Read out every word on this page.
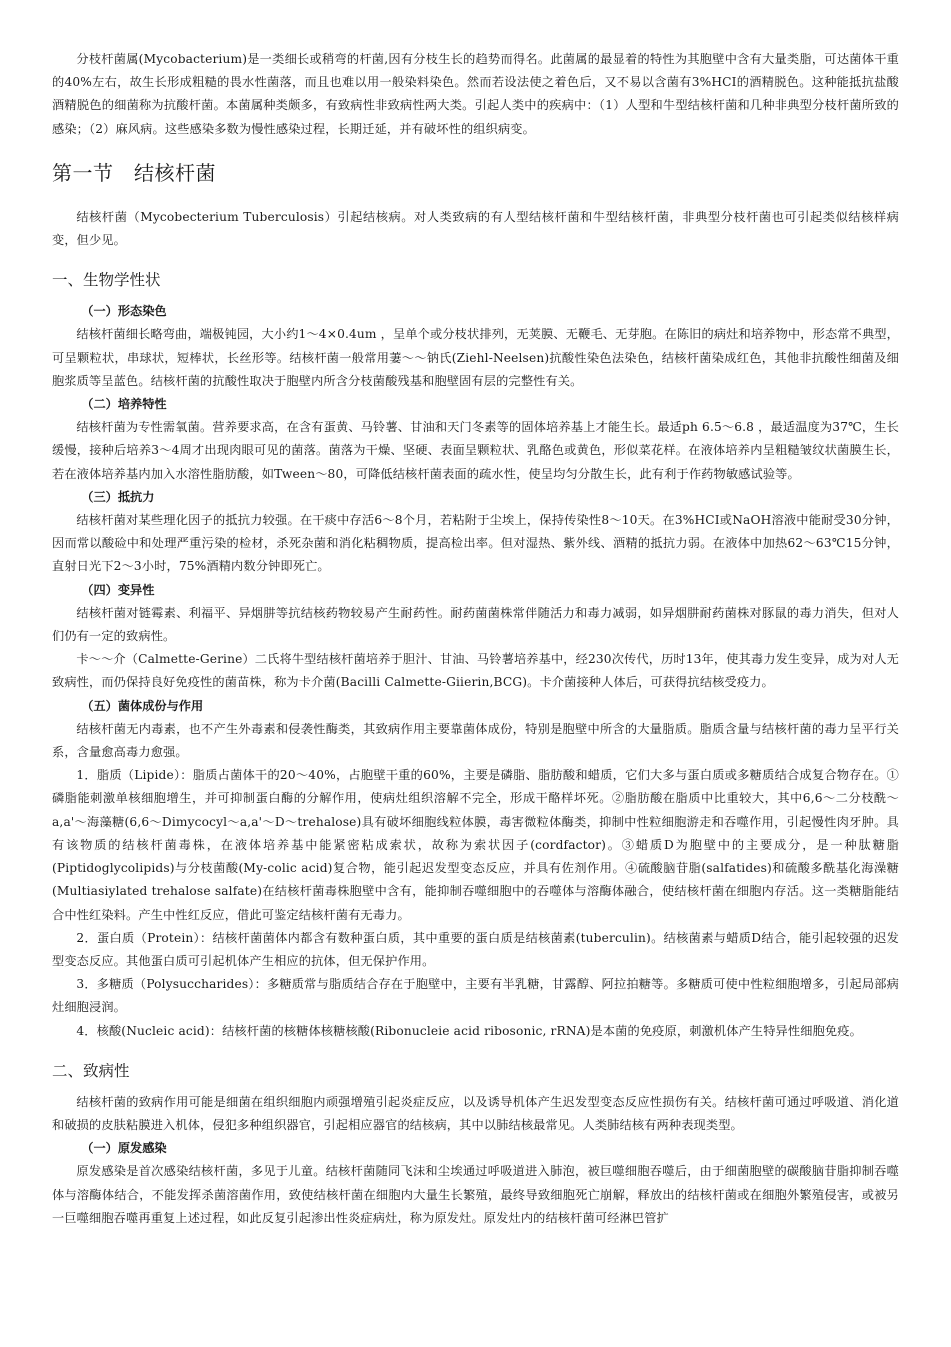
分枝杆菌属(Mycobacterium)是一类细长或稍弯的杆菌,因有分枝生长的趋势而得名。此菌属的最显着的特性为其胞壁中含有大量类脂，可达菌体干重的40%左右，故生长形成粗糙的畏水性菌落，而且也难以用一般染料染色。然而若设法使之着色后，又不易以含菌有3%HCI的酒精脱色。这种能抵抗盐酸酒精脱色的细菌称为抗酸杆菌。本菌属种类颇多，有致病性非致病性两大类。引起人类中的疾病中：（1）人型和牛型结核杆菌和几种非典型分枝杆菌所致的感染；（2）麻风病。这些感染多数为慢性感染过程，长期迁延，并有破坏性的组织病变。

第一节　结核杆菌

结核杆菌（Mycobecterium Tuberculosis）引起结核病。对人类致病的有人型结核杆菌和牛型结核杆菌，非典型分枝杆菌也可引起类似结核样病变，但少见。

一、生物学性状
（一）形态染色

结核杆菌细长略弯曲，端极钝园，大小约1～4×0.4um ，呈单个或分枝状排列，无荚膜、无鞭毛、无芽胞。在陈旧的病灶和培养物中，形态常不典型，可呈颗粒状，串球状，短棒状，长丝形等。结核杆菌一般常用萋～～钠氏(Ziehl-Neelsen)抗酸性染色法染色，结核杆菌染成红色，其他非抗酸性细菌及细胞浆质等呈蓝色。结核杆菌的抗酸性取决于胞壁内所含分枝菌酸残基和胞壁固有层的完整性有关。

（二）培养特性

结核杆菌为专性需氧菌。营养要求高，在含有蛋黄、马铃薯、甘油和天门冬素等的固体培养基上才能生长。最适ph 6.5～6.8 ，最适温度为37℃，生长缓慢，接种后培养3～4周才出现肉眼可见的菌落。菌落为干燥、坚硬、表面呈颗粒状、乳酪色或黄色，形似菜花样。在液体培养内呈粗糙皱纹状菌膜生长，若在液体培养基内加入水溶性脂肪酸，如Tween～80，可降低结核杆菌表面的疏水性，使呈均匀分散生长，此有利于作药物敏感试验等。

（三）抵抗力

结核杆菌对某些理化因子的抵抗力较强。在干痰中存活6～8个月，若粘附于尘埃上，保持传染性8～10天。在3%HCI或NaOH溶液中能耐受30分钟，因而常以酸硷中和处理严重污染的检材，杀死杂菌和消化粘稠物质，提高检出率。但对湿热、紫外线、酒精的抵抗力弱。在液体中加热62～63℃15分钟，直射日光下2～3小时，75%酒精内数分钟即死亡。

（四）变异性

结核杆菌对链霉素、利福平、异烟肼等抗结核药物较易产生耐药性。耐药菌菌株常伴随活力和毒力减弱，如异烟肼耐药菌株对豚鼠的毒力消失，但对人们仍有一定的致病性。

卡～～介（Calmette-Gerine）二氏将牛型结核杆菌培养于胆汁、甘油、马铃薯培养基中，经230次传代，历时13年，使其毒力发生变异，成为对人无致病性，而仍保持良好免疫性的菌苗株，称为卡介菌(Bacilli Calmette-Giierin,BCG)。卡介菌接种人体后，可获得抗结核受疫力。

（五）菌体成份与作用

结核杆菌无内毒素，也不产生外毒素和侵袭性酶类，其致病作用主要靠菌体成份，特别是胞壁中所含的大量脂质。脂质含量与结核杆菌的毒力呈平行关系，含量愈高毒力愈强。

1．脂质（Lipide）：脂质占菌体干的20～40%，占胞壁干重的60%，主要是磷脂、脂肪酸和蜡质，它们大多与蛋白质或多糖质结合成复合物存在。①磷脂能刺激单核细胞增生，并可抑制蛋白酶的分解作用，使病灶组织溶解不完全，形成干酪样坏死。②脂肪酸在脂质中比重较大，其中6,6～二分枝酰～a,a'～海藻糖(6,6～Dimycocyl～a,a'～D～trehalose)具有破坏细胞线粒体膜，毒害微粒体酶类，抑制中性粒细胞游走和吞噬作用，引起慢性肉牙肿。具有该物质的结核杆菌毒株，在液体培养基中能紧密粘成索状，故称为索状因子(cordfactor)。③蜡质D为胞壁中的主要成分，是一种肽糖脂(Piptidoglycolipids)与分枝菌酸(My-colic acid)复合物，能引起迟发型变态反应，并具有佐剂作用。④硫酸脑苷脂(salfatides)和硫酸多酰基化海澡糖(Multiasiylated trehalose salfate)在结核杆菌毒株胞壁中含有，能抑制吞噬细胞中的吞噬体与溶酶体融合，使结核杆菌在细胞内存活。这一类糖脂能结合中性红染料。产生中性红反应，借此可鉴定结核杆菌有无毒力。

2．蛋白质（Protein）：结核杆菌菌体内都含有数种蛋白质，其中重要的蛋白质是结核菌素(tuberculin)。结核菌素与蜡质D结合，能引起较强的迟发型变态反应。其他蛋白质可引起机体产生相应的抗体，但无保护作用。

3．多糖质（Polysuccharides）：多糖质常与脂质结合存在于胞壁中，主要有半乳糖，甘露醇、阿拉拍糖等。多糖质可使中性粒细胞增多，引起局部病灶细胞浸润。

4．核酸(Nucleic acid)：结核杆菌的核糖体核糖核酸(Ribonucleie acid ribosonic, rRNA)是本菌的免疫原，刺激机体产生特异性细胞免疫。

二、致病性

结核杆菌的致病作用可能是细菌在组织细胞内顽强增殖引起炎症反应，以及诱导机体产生迟发型变态反应性损伤有关。结核杆菌可通过呼吸道、消化道和破损的皮肤粘膜进入机体，侵犯多种组织器官，引起相应器官的结核病，其中以肺结核最常见。人类肺结核有两种表现类型。

（一）原发感染

原发感染是首次感染结核杆菌，多见于儿童。结核杆菌随同飞沫和尘埃通过呼吸道进入肺泡，被巨噬细胞吞噬后，由于细菌胞壁的碳酸脑苷脂抑制吞噬体与溶酶体结合，不能发挥杀菌溶菌作用，致使结核杆菌在细胞内大量生长繁殖，最终导致细胞死亡崩解，释放出的结核杆菌或在细胞外繁殖侵害，或被另一巨噬细胞吞噬再重复上述过程，如此反复引起渗出性炎症病灶，称为原发灶。原发灶内的结核杆菌可经淋巴管扩
